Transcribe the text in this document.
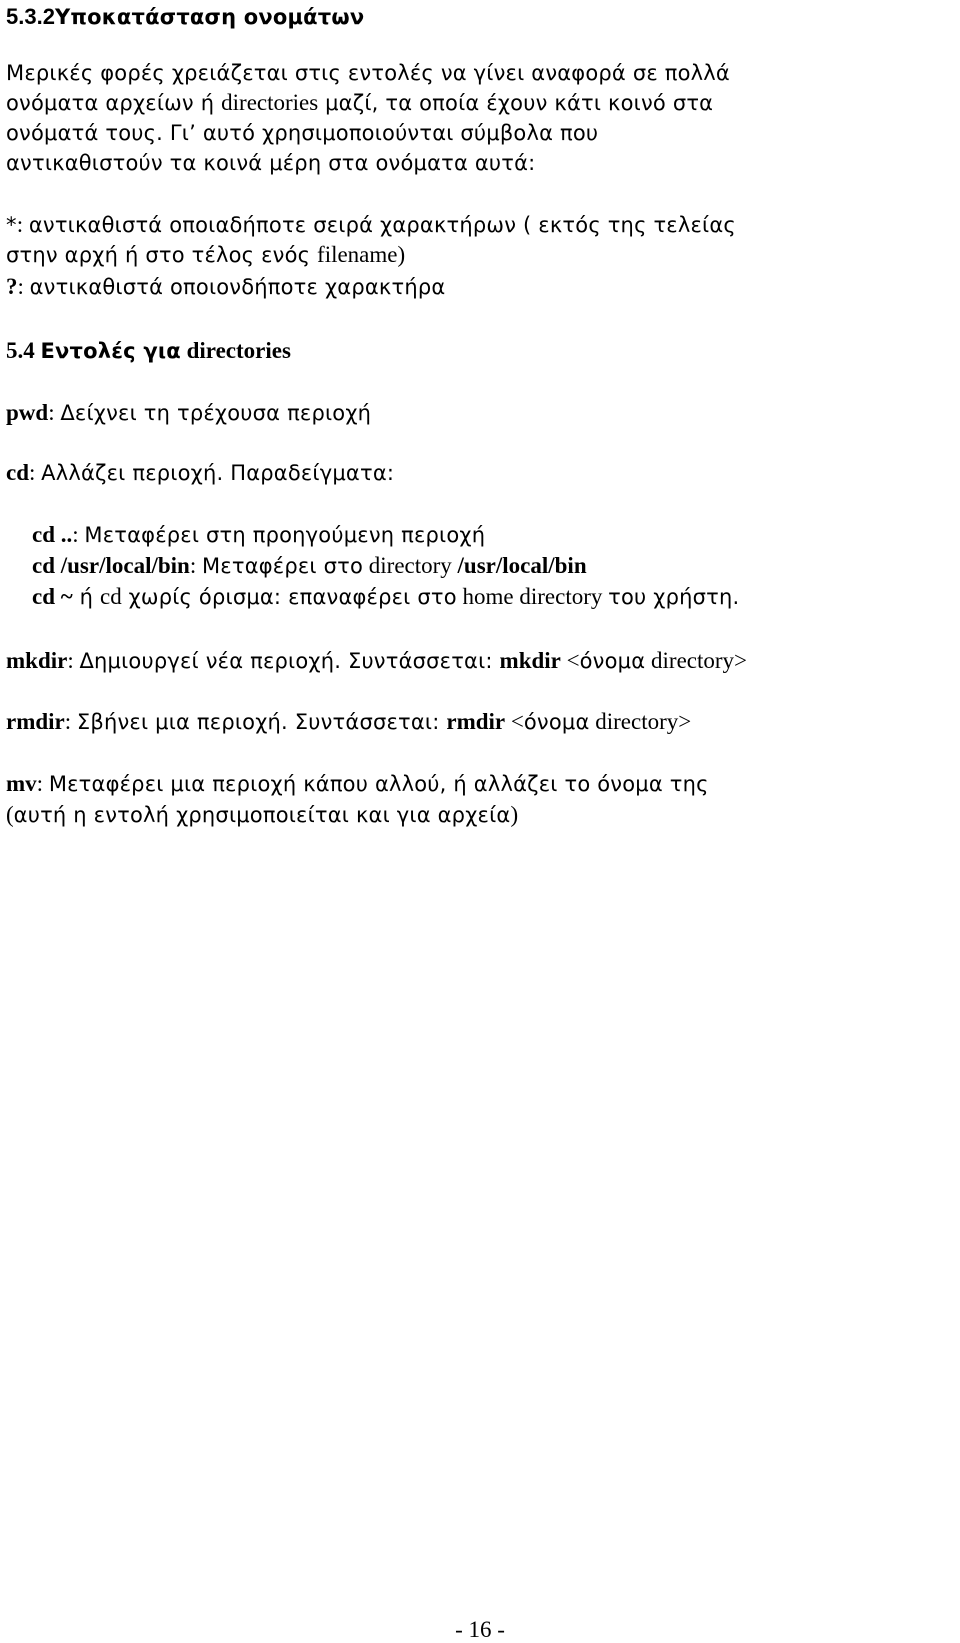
5.3.2Υποκατάσταση ονομάτων
Μερικές φορές χρειάζεται στις εντολές να γίνει αναφορά σε πολλά
ονόματα αρχείων ή directories μαζί, τα οποία έχουν κάτι κοινό στα
ονόματά τους. Γι’ αυτό χρησιμοποιούνται σύμβολα που
αντικαθιστούν τα κοινά μέρη στα ονόματα αυτά:
*: αντικαθιστά οποιαδήποτε σειρά χαρακτήρων ( εκτός της τελείας
στην αρχή ή στο τέλος ενός filename)
?: αντικαθιστά οποιονδήποτε χαρακτήρα
5.4 Εντολές για directories
pwd: Δείχνει τη τρέχουσα περιοχή
cd: Αλλάζει περιοχή. Παραδείγματα:
cd ..: Μεταφέρει στη προηγούμενη περιοχή
cd /usr/local/bin: Μεταφέρει στο directory /usr/local/bin
cd ~ ή cd χωρίς όρισμα: επαναφέρει στο home directory του χρήστη.
mkdir: Δημιουργεί νέα περιοχή. Συντάσσεται: mkdir <όνομα directory>
rmdir: Σβήνει μια περιοχή. Συντάσσεται: rmdir <όνομα directory>
mv: Μεταφέρει μια περιοχή κάπου αλλού, ή αλλάζει το όνομα της
(αυτή η εντολή χρησιμοποιείται και για αρχεία)
- 16 -
